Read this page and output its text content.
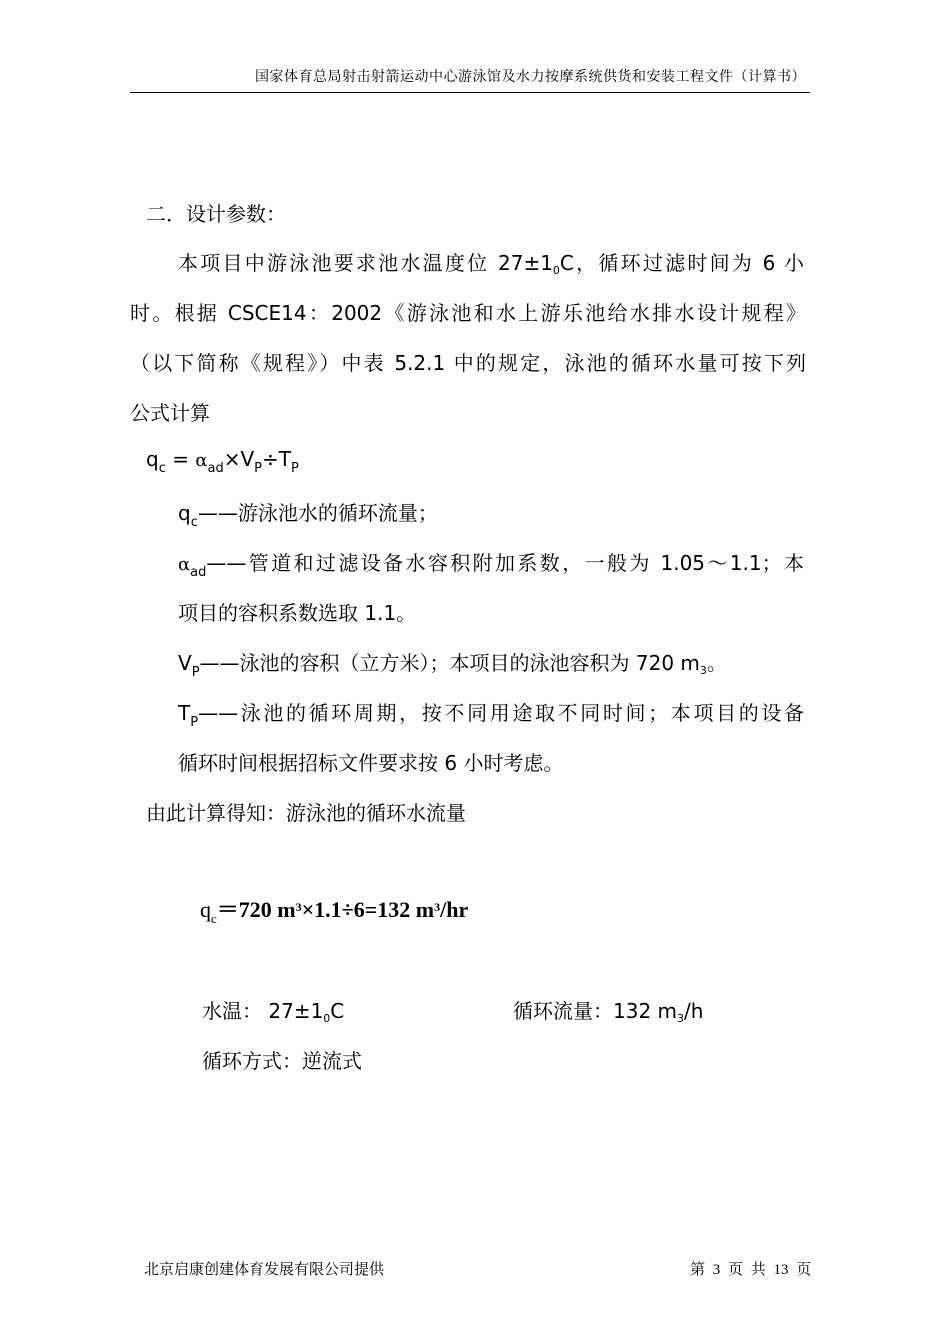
国家体育总局射击射箭运动中心游泳馆及水力按摩系统供货和安装工程文件（计算书）
二．设计参数：
本项目中游泳池要求池水温度位 $27\pm 1_0C$，循环过滤时间为 6 小
时。根据 CSCE14：2002《游泳池和水上游乐池给水排水设计规程》
（以下简称《规程》）中表 5.2.1 中的规定，泳池的循环水量可按下列
公式计算
$q_c = \alpha_{ad}\times V_P\div T_P$
$q_c——$游泳池水的循环流量；
$\alpha_{ad}——$管道和过滤设备水容积附加系数，一般为 1.05～1.1；本
项目的容积系数选取 1.1。
$V_P——$泳池的容积（立方米）；本项目的泳池容积为 720 $m_3$。
$T_P——$泳池的循环周期，按不同用途取不同时间；本项目的设备
循环时间根据招标文件要求按 6 小时考虑。
由此计算得知：游泳池的循环水流量
$q_c=720$ $m^3\times 1.1\div 6=132$ $m^3/hr$
水温： $27\pm 1_0C$	循环流量：132 $m_3/h$
循环方式：逆流式
北京启康创建体育发展有限公司提供	第 3 页 共 13 页
